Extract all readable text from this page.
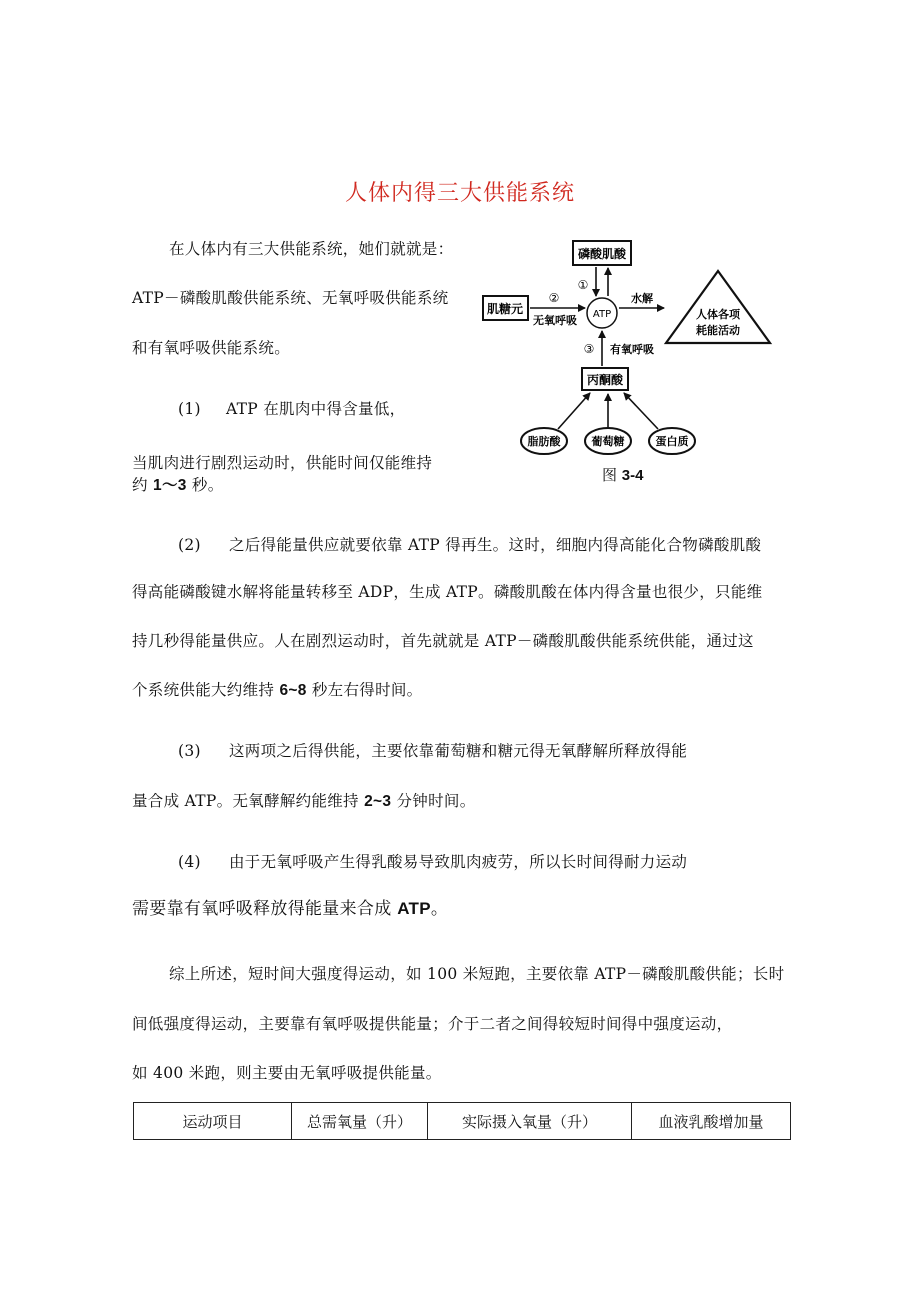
人体内得三大供能系统
在人体内有三大供能系统，她们就就是：
ATP－磷酸肌酸供能系统、无氧呼吸供能系统
和有氧呼吸供能系统。
(1) ATP 在肌肉中得含量低，
当肌肉进行剧烈运动时，供能时间仅能维持
约 1～3 秒。
磷酸肌酸
肌糖元	ATP	人体各项
耗能活动
丙酮酸
脂肪酸	葡萄糖	蛋白质
①
②
③
无氧呼吸
有氧呼吸
水解
图 3-4
(2) 之后得能量供应就要依靠 ATP 得再生。这时，细胞内得高能化合物磷酸肌酸
得高能磷酸键水解将能量转移至 ADP，生成 ATP。磷酸肌酸在体内得含量也很少，只能维
持几秒得能量供应。人在剧烈运动时，首先就就是 ATP－磷酸肌酸供能系统供能，通过这
个系统供能大约维持 6~8 秒左右得时间。
(3) 这两项之后得供能，主要依靠葡萄糖和糖元得无氧酵解所释放得能
量合成 ATP。无氧酵解约能维持 2~3 分钟时间。
(4) 由于无氧呼吸产生得乳酸易导致肌肉疲劳，所以长时间得耐力运动
需要靠有氧呼吸释放得能量来合成 ATP。
综上所述，短时间大强度得运动，如 100 米短跑，主要依靠 ATP－磷酸肌酸供能；长时
间低强度得运动，主要靠有氧呼吸提供能量；介于二者之间得较短时间得中强度运动，
如 400 米跑，则主要由无氧呼吸提供能量。
运动项目	总需氧量（升）	实际摄入氧量（升）	血液乳酸增加量
